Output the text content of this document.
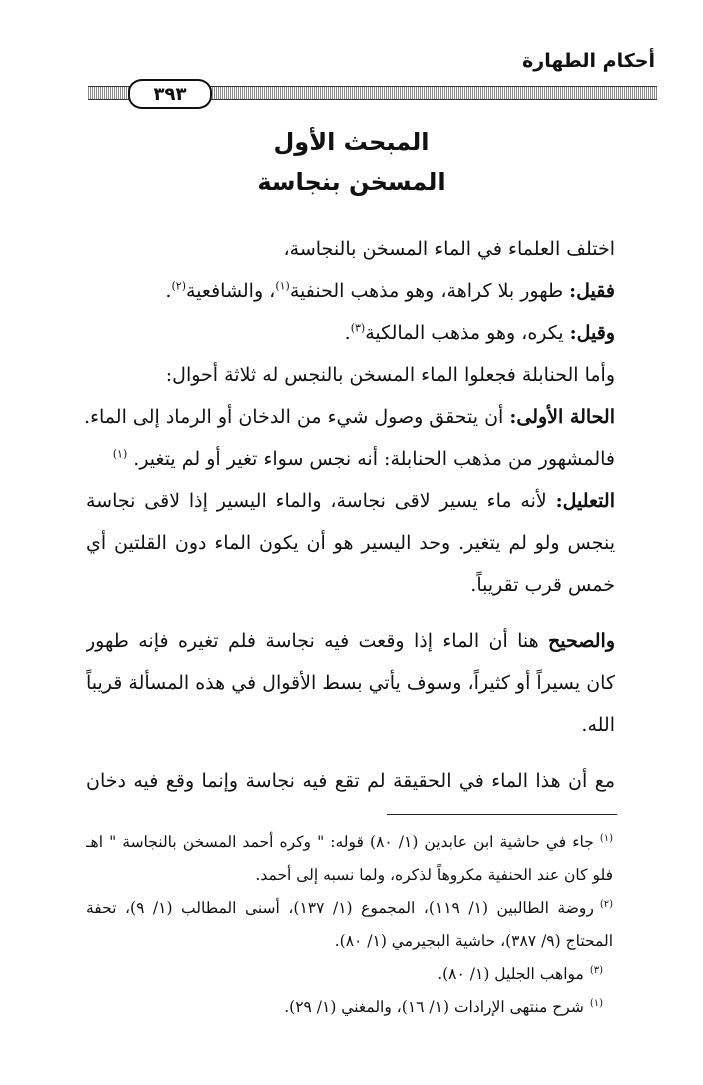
أحكام الطهارة
٣٩٣
المبحث الأول
المسخن بنجاسة
اختلف العلماء في الماء المسخن بالنجاسة،
فقيل: طهور بلا كراهة، وهو مذهب الحنفية$^{(١)}$، والشافعية$^{(٢)}$.
وقيل: يكره، وهو مذهب المالكية$^{(٣)}$.
وأما الحنابلة فجعلوا الماء المسخن بالنجس له ثلاثة أحوال:
الحالة الأولى: أن يتحقق وصول شيء من الدخان أو الرماد إلى الماء.
فالمشهور من مذهب الحنابلة: أنه نجس سواء تغير أو لم يتغير. $^{(١)}$
التعليل: لأنه ماء يسير لاقى نجاسة، والماء اليسير إذا لاقى نجاسة
ينجس ولو لم يتغير. وحد اليسير هو أن يكون الماء دون القلتين أي
خمس قرب تقريباً.
والصحيح هنا أن الماء إذا وقعت فيه نجاسة فلم تغيره فإنه طهور
كان يسيراً أو كثيراً، وسوف يأتي بسط الأقوال في هذه المسألة قريباً
الله.
مع أن هذا الماء في الحقيقة لم تقع فيه نجاسة وإنما وقع فيه دخان
$^{(١)}$جاء في حاشية ابن عابدين (١/ ٨٠) قوله: " وكره أحمد المسخن بالنجاسة " اهـ
فلو كان عند الحنفية مكروهاً لذكره، ولما نسبه إلى أحمد.
$^{(٢)}$روضة الطالبين (١/ ١١٩)، المجموع (١/ ١٣٧)، أسنى المطالب (١/ ٩)، تحفة
المحتاج (٩/ ٣٨٧)، حاشية البجيرمي (١/ ٨٠).
$^{(٣)}$مواهب الجليل (١/ ٨٠).
$^{(١)}$شرح منتهى الإرادات (١/ ١٦)، والمغني (١/ ٢٩).
